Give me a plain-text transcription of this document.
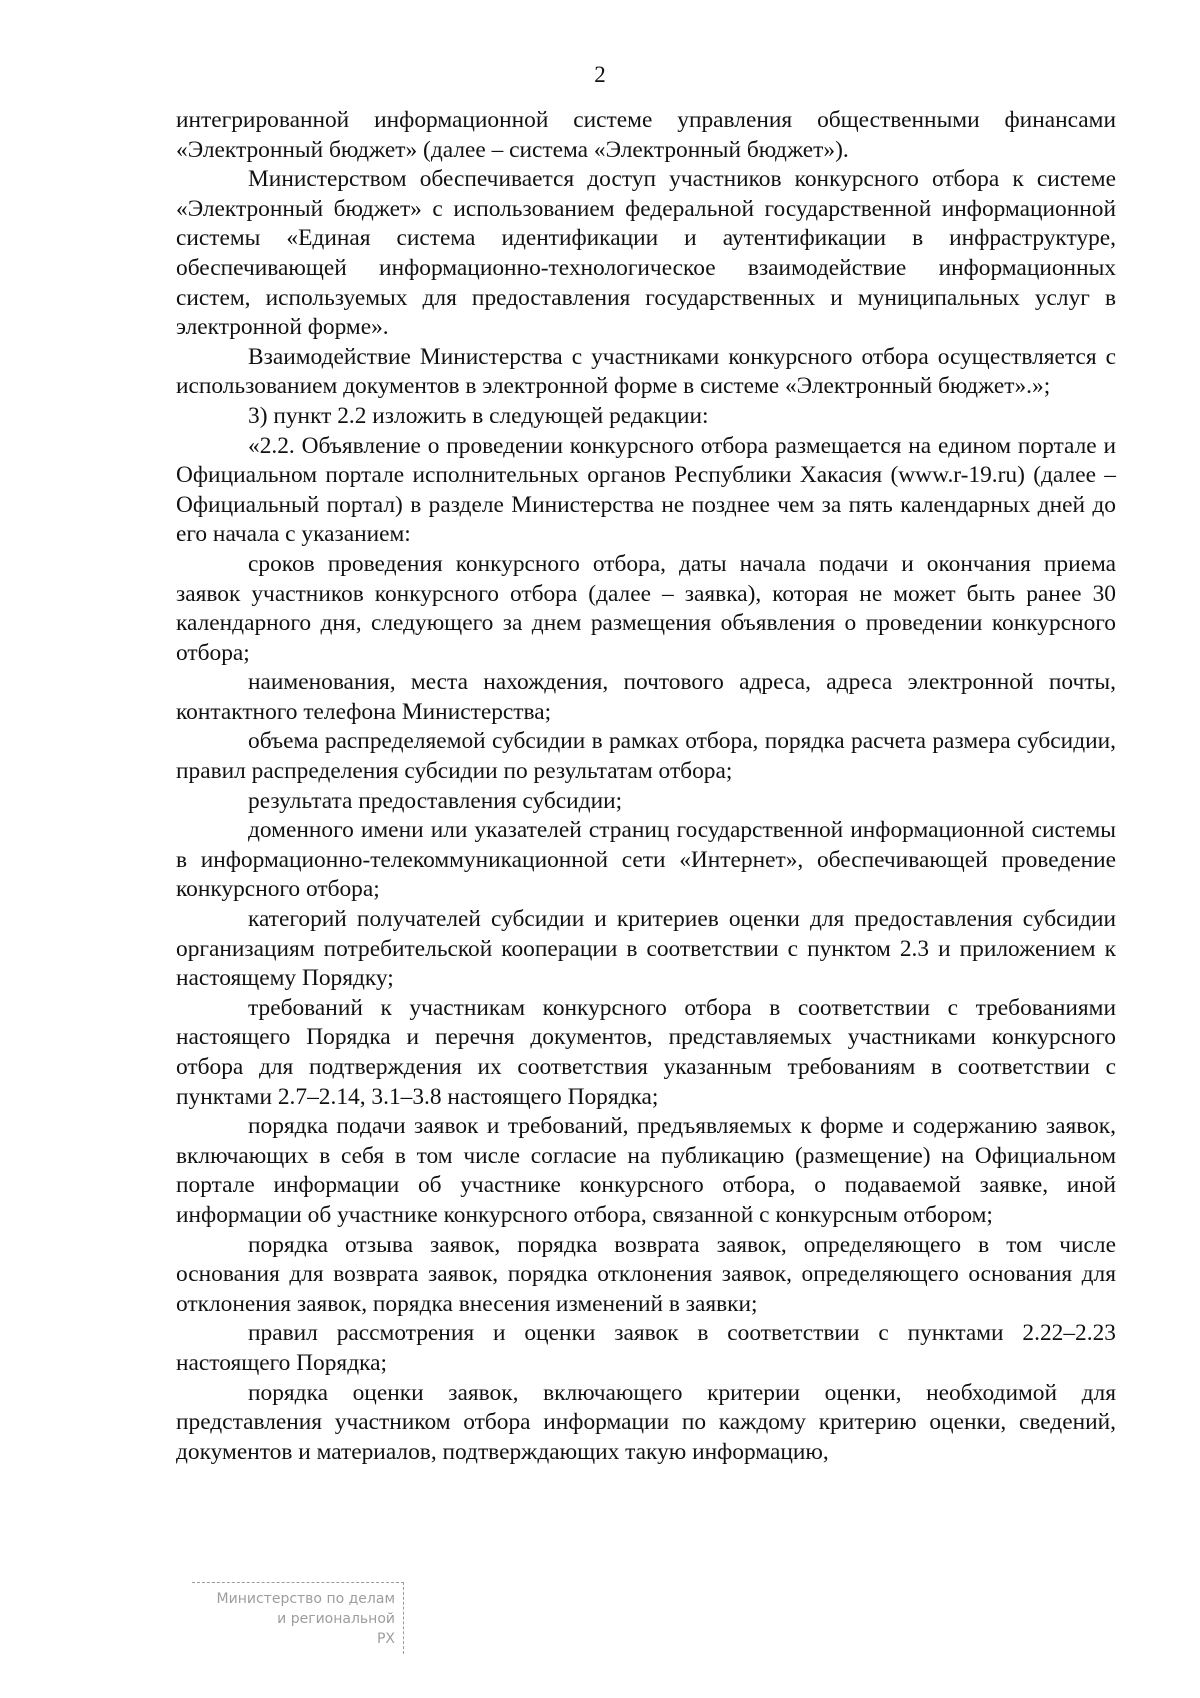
2

интегрированной информационной системе управления общественными финансами «Электронный бюджет» (далее – система «Электронный бюджет»).

Министерством обеспечивается доступ участников конкурсного отбора к системе «Электронный бюджет» с использованием федеральной государственной информационной системы «Единая система идентификации и аутентификации в инфраструктуре, обеспечивающей информационно-технологическое взаимодействие информационных систем, используемых для предоставления государственных и муниципальных услуг в электронной форме».

Взаимодействие Министерства с участниками конкурсного отбора осуществляется с использованием документов в электронной форме в системе «Электронный бюджет».»;

3) пункт 2.2 изложить в следующей редакции:

«2.2. Объявление о проведении конкурсного отбора размещается на едином портале и Официальном портале исполнительных органов Республики Хакасия (www.r-19.ru) (далее – Официальный портал) в разделе Министерства не позднее чем за пять календарных дней до его начала с указанием:

сроков проведения конкурсного отбора, даты начала подачи и окончания приема заявок участников конкурсного отбора (далее – заявка), которая не может быть ранее 30 календарного дня, следующего за днем размещения объявления о проведении конкурсного отбора;

наименования, места нахождения, почтового адреса, адреса электронной почты, контактного телефона Министерства;

объема распределяемой субсидии в рамках отбора, порядка расчета размера субсидии, правил распределения субсидии по результатам отбора;

результата предоставления субсидии;

доменного имени или указателей страниц государственной информационной системы в информационно-телекоммуникационной сети «Интернет», обеспечивающей проведение конкурсного отбора;

категорий получателей субсидии и критериев оценки для предоставления субсидии организациям потребительской кооперации в соответствии с пунктом 2.3 и приложением к настоящему Порядку;

требований к участникам конкурсного отбора в соответствии с требованиями настоящего Порядка и перечня документов, представляемых участниками конкурсного отбора для подтверждения их соответствия указанным требованиям в соответствии с пунктами 2.7–2.14, 3.1–3.8 настоящего Порядка;

порядка подачи заявок и требований, предъявляемых к форме и содержанию заявок, включающих в себя в том числе согласие на публикацию (размещение) на Официальном портале информации об участнике конкурсного отбора, о подаваемой заявке, иной информации об участнике конкурсного отбора, связанной с конкурсным отбором;

порядка отзыва заявок, порядка возврата заявок, определяющего в том числе основания для возврата заявок, порядка отклонения заявок, определяющего основания для отклонения заявок, порядка внесения изменений в заявки;

правил рассмотрения и оценки заявок в соответствии с пунктами 2.22–2.23 настоящего Порядка;

порядка оценки заявок, включающего критерии оценки, необходимой для представления участником отбора информации по каждому критерию оценки, сведений, документов и материалов, подтверждающих такую информацию,

Министерство по делам
и региональной
РХ
